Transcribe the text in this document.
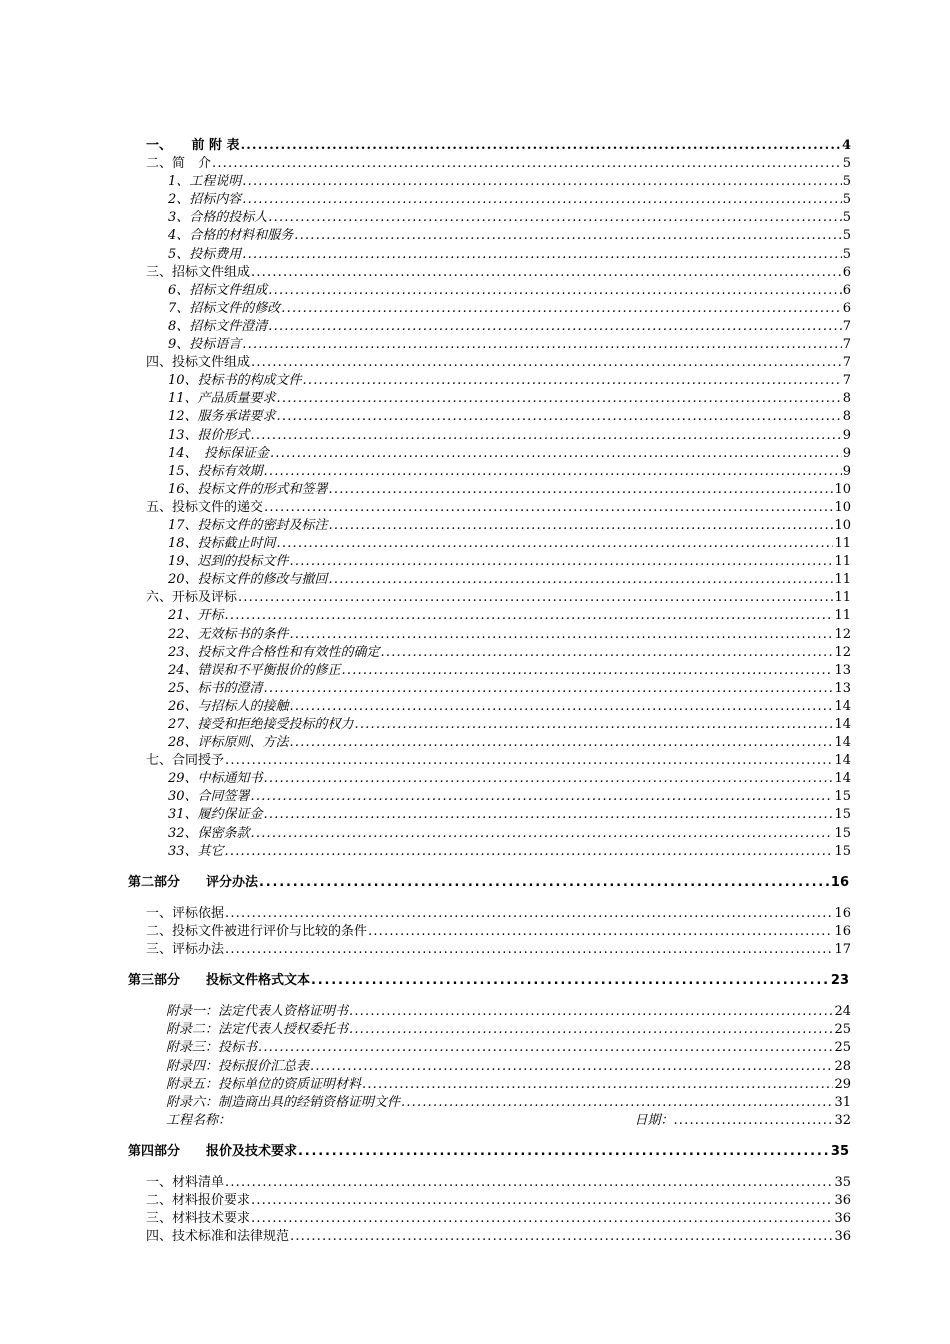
一、　　前 附 表 .....	4
二、简　介 .....	5
1、工程说明 .....	5
2、招标内容 .....	5
3、合格的投标人 .....	5
4、合格的材料和服务 .....	5
5、投标费用 .....	5
三、招标文件组成 .....	6
6、招标文件组成 .....	6
7、招标文件的修改 .....	6
8、招标文件澄清 .....	7
9、投标语言 .....	7
四、投标文件组成 .....	7
10、投标书的构成文件 .....	7
11、产品质量要求 .....	8
12、服务承诺要求 .....	8
13、报价形式 .....	9
14、　投标保证金 .....	9
15、投标有效期 .....	9
16、投标文件的形式和签署 .....	10
五、投标文件的递交 .....	10
17、投标文件的密封及标注 .....	10
18、投标截止时间 .....	11
19、迟到的投标文件 .....	11
20、投标文件的修改与撤回 .....	11
六、开标及评标 .....	11
21、开标 .....	11
22、无效标书的条件 .....	12
23、投标文件合格性和有效性的确定 .....	12
24、错误和不平衡报价的修正 .....	13
25、标书的澄清 .....	13
26、与招标人的接触 .....	14
27、接受和拒绝接受投标的权力 .....	14
28、评标原则、方法 .....	14
七、合同授予 .....	14
29、中标通知书 .....	14
30、合同签署 .....	15
31、履约保证金 .....	15
32、保密条款 .....	15
33、其它 .....	15
第二部分　　评分办法 .....	16
一、评标依据 .....	16
二、投标文件被进行评价与比较的条件 .....	16
三、评标办法 .....	17
第三部分　　投标文件格式文本 .....	23
附录一：法定代表人资格证明书 .....	24
附录二：法定代表人授权委托书 .....	25
附录三：投标书 .....	25
附录四：投标报价汇总表 .....	28
附录五：投标单位的资质证明材料 .....	29
附录六：制造商出具的经销资格证明文件 .....	31
工程名称：	日期： .....	32
第四部分　　报价及技术要求 .....	35
一、材料清单 .....	35
二、材料报价要求 .....	36
三、材料技术要求 .....	36
四、技术标准和法律规范 .....	36
